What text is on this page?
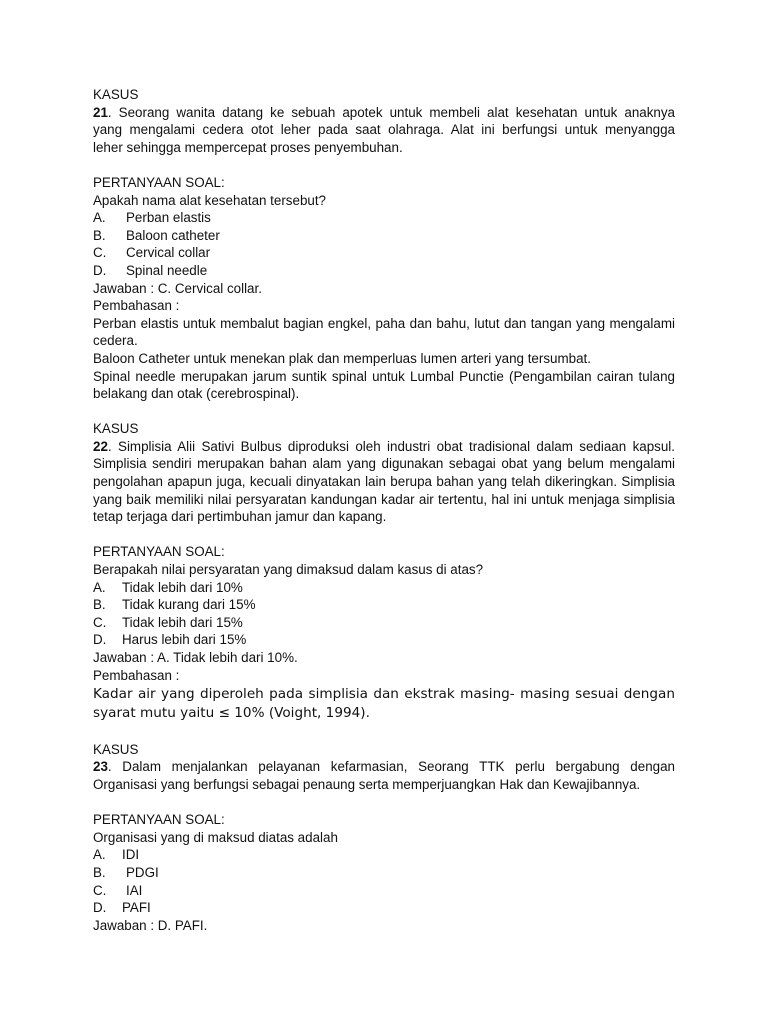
KASUS
21. Seorang wanita datang ke sebuah apotek untuk membeli alat kesehatan untuk anaknya
yang mengalami cedera otot leher pada saat olahraga. Alat ini berfungsi untuk menyangga
leher sehingga mempercepat proses penyembuhan.
PERTANYAAN SOAL:
Apakah nama alat kesehatan tersebut?
A. Perban elastis
B. Baloon catheter
C. Cervical collar
D. Spinal needle
Jawaban : C. Cervical collar.
Pembahasan :
Perban elastis untuk membalut bagian engkel, paha dan bahu, lutut dan tangan yang mengalami cedera.
Baloon Catheter untuk menekan plak dan memperluas lumen arteri yang tersumbat.
Spinal needle merupakan jarum suntik spinal untuk Lumbal Punctie (Pengambilan cairan tulang belakang dan otak (cerebrospinal).
KASUS
22. Simplisia Alii Sativi Bulbus diproduksi oleh industri obat tradisional dalam sediaan kapsul. Simplisia sendiri merupakan bahan alam yang digunakan sebagai obat yang belum mengalami pengolahan apapun juga, kecuali dinyatakan lain berupa bahan yang telah dikeringkan. Simplisia yang baik memiliki nilai persyaratan kandungan kadar air tertentu, hal ini untuk menjaga simplisia tetap terjaga dari pertimbuhan jamur dan kapang.
PERTANYAAN SOAL:
Berapakah nilai persyaratan yang dimaksud dalam kasus di atas?
A. Tidak lebih dari 10%
B. Tidak kurang dari 15%
C. Tidak lebih dari 15%
D. Harus lebih dari 15%
Jawaban : A. Tidak lebih dari 10%.
Pembahasan :
Kadar air yang diperoleh pada simplisia dan ekstrak masing- masing sesuai dengan syarat mutu yaitu ≤ 10% (Voight, 1994).
KASUS
23. Dalam menjalankan pelayanan kefarmasian, Seorang TTK perlu bergabung dengan Organisasi yang berfungsi sebagai penaung serta memperjuangkan Hak dan Kewajibannya.
PERTANYAAN SOAL:
Organisasi yang di maksud diatas adalah
A. IDI
B. PDGI
C. IAI
D. PAFI
Jawaban : D. PAFI.
